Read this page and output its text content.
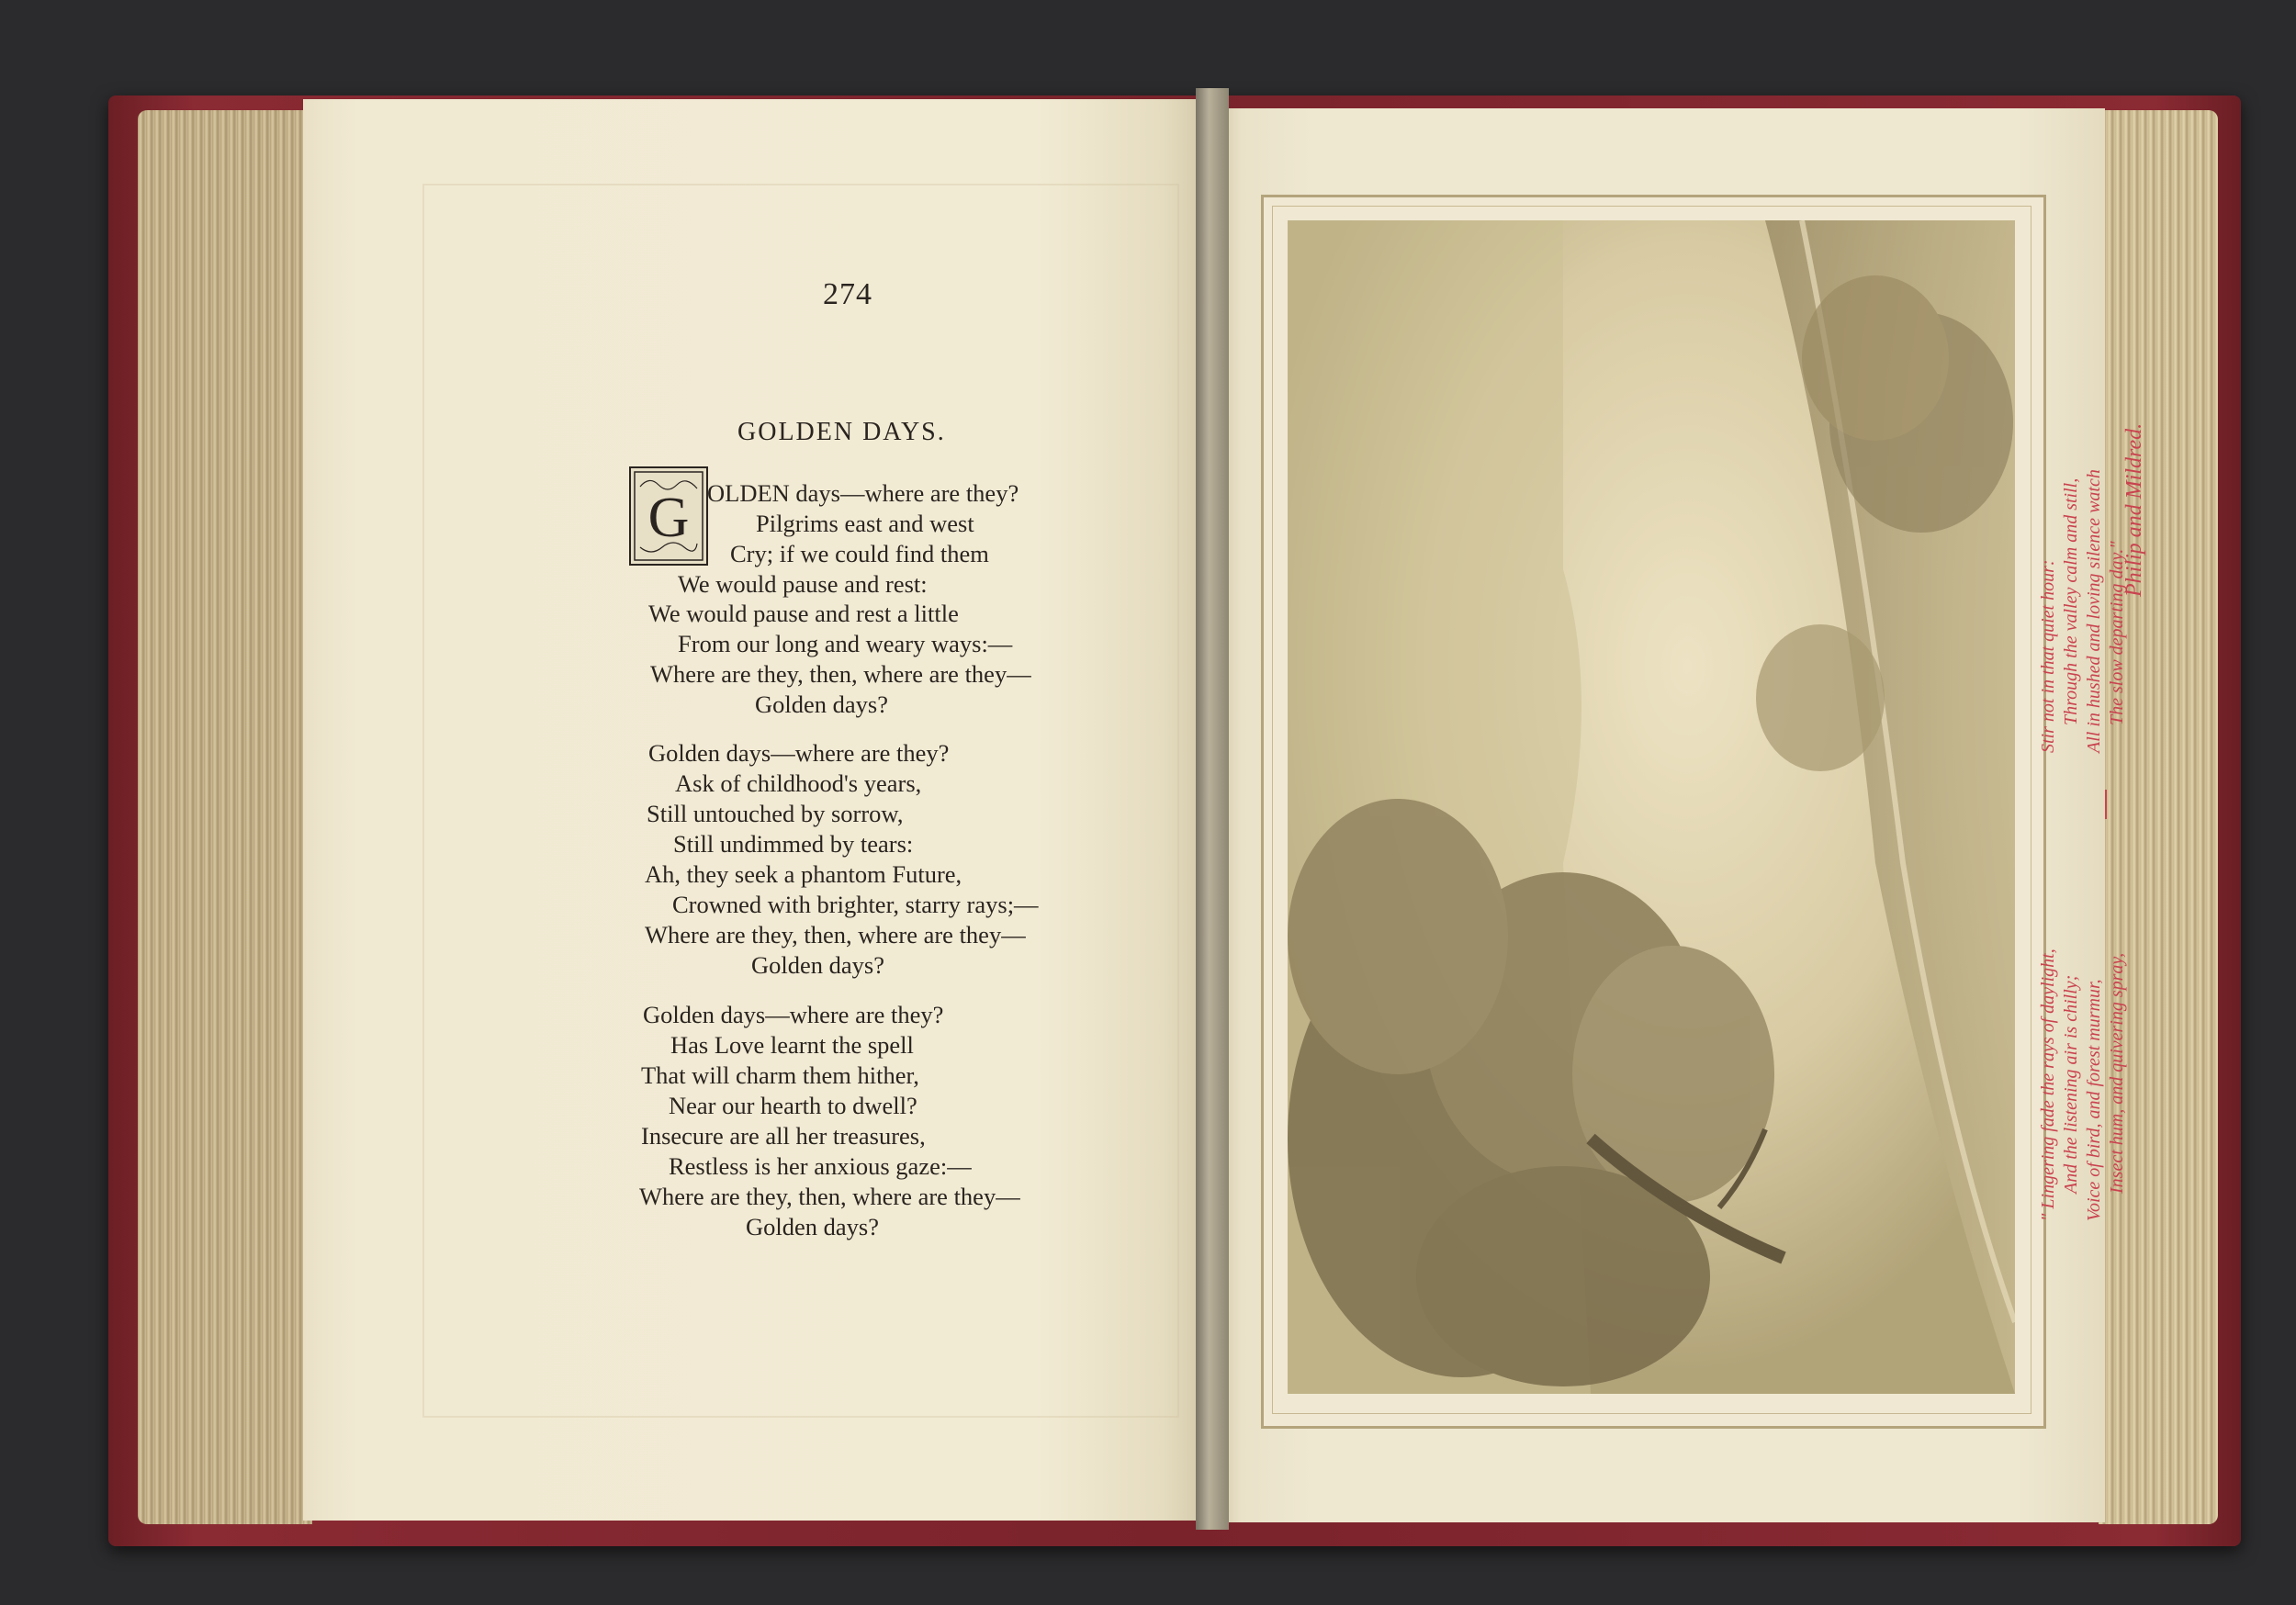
274
GOLDEN DAYS.
G OLDEN days—where are they?
Pilgrims east and west
Cry; if we could find them
We would pause and rest:
We would pause and rest a little
From our long and weary ways:—
Where are they, then, where are they—
Golden days?
Golden days—where are they?
Ask of childhood's years,
Still untouched by sorrow,
Still undimmed by tears:
Ah, they seek a phantom Future,
Crowned with brighter, starry rays;—
Where are they, then, where are they—
Golden days?
Golden days—where are they?
Has Love learnt the spell
That will charm them hither,
Near our hearth to dwell?
Insecure are all her treasures,
Restless is her anxious gaze:—
Where are they, then, where are they—
Golden days?
" Lingering fade the rays of daylight, And the listening air is chilly; Voice of bird, and forest murmur, Insect hum, and quivering spray,
Stir not in that quiet hour: Through the valley calm and still, All in hushed and loving silence watch The slow departing day."
Philip and Mildred.
